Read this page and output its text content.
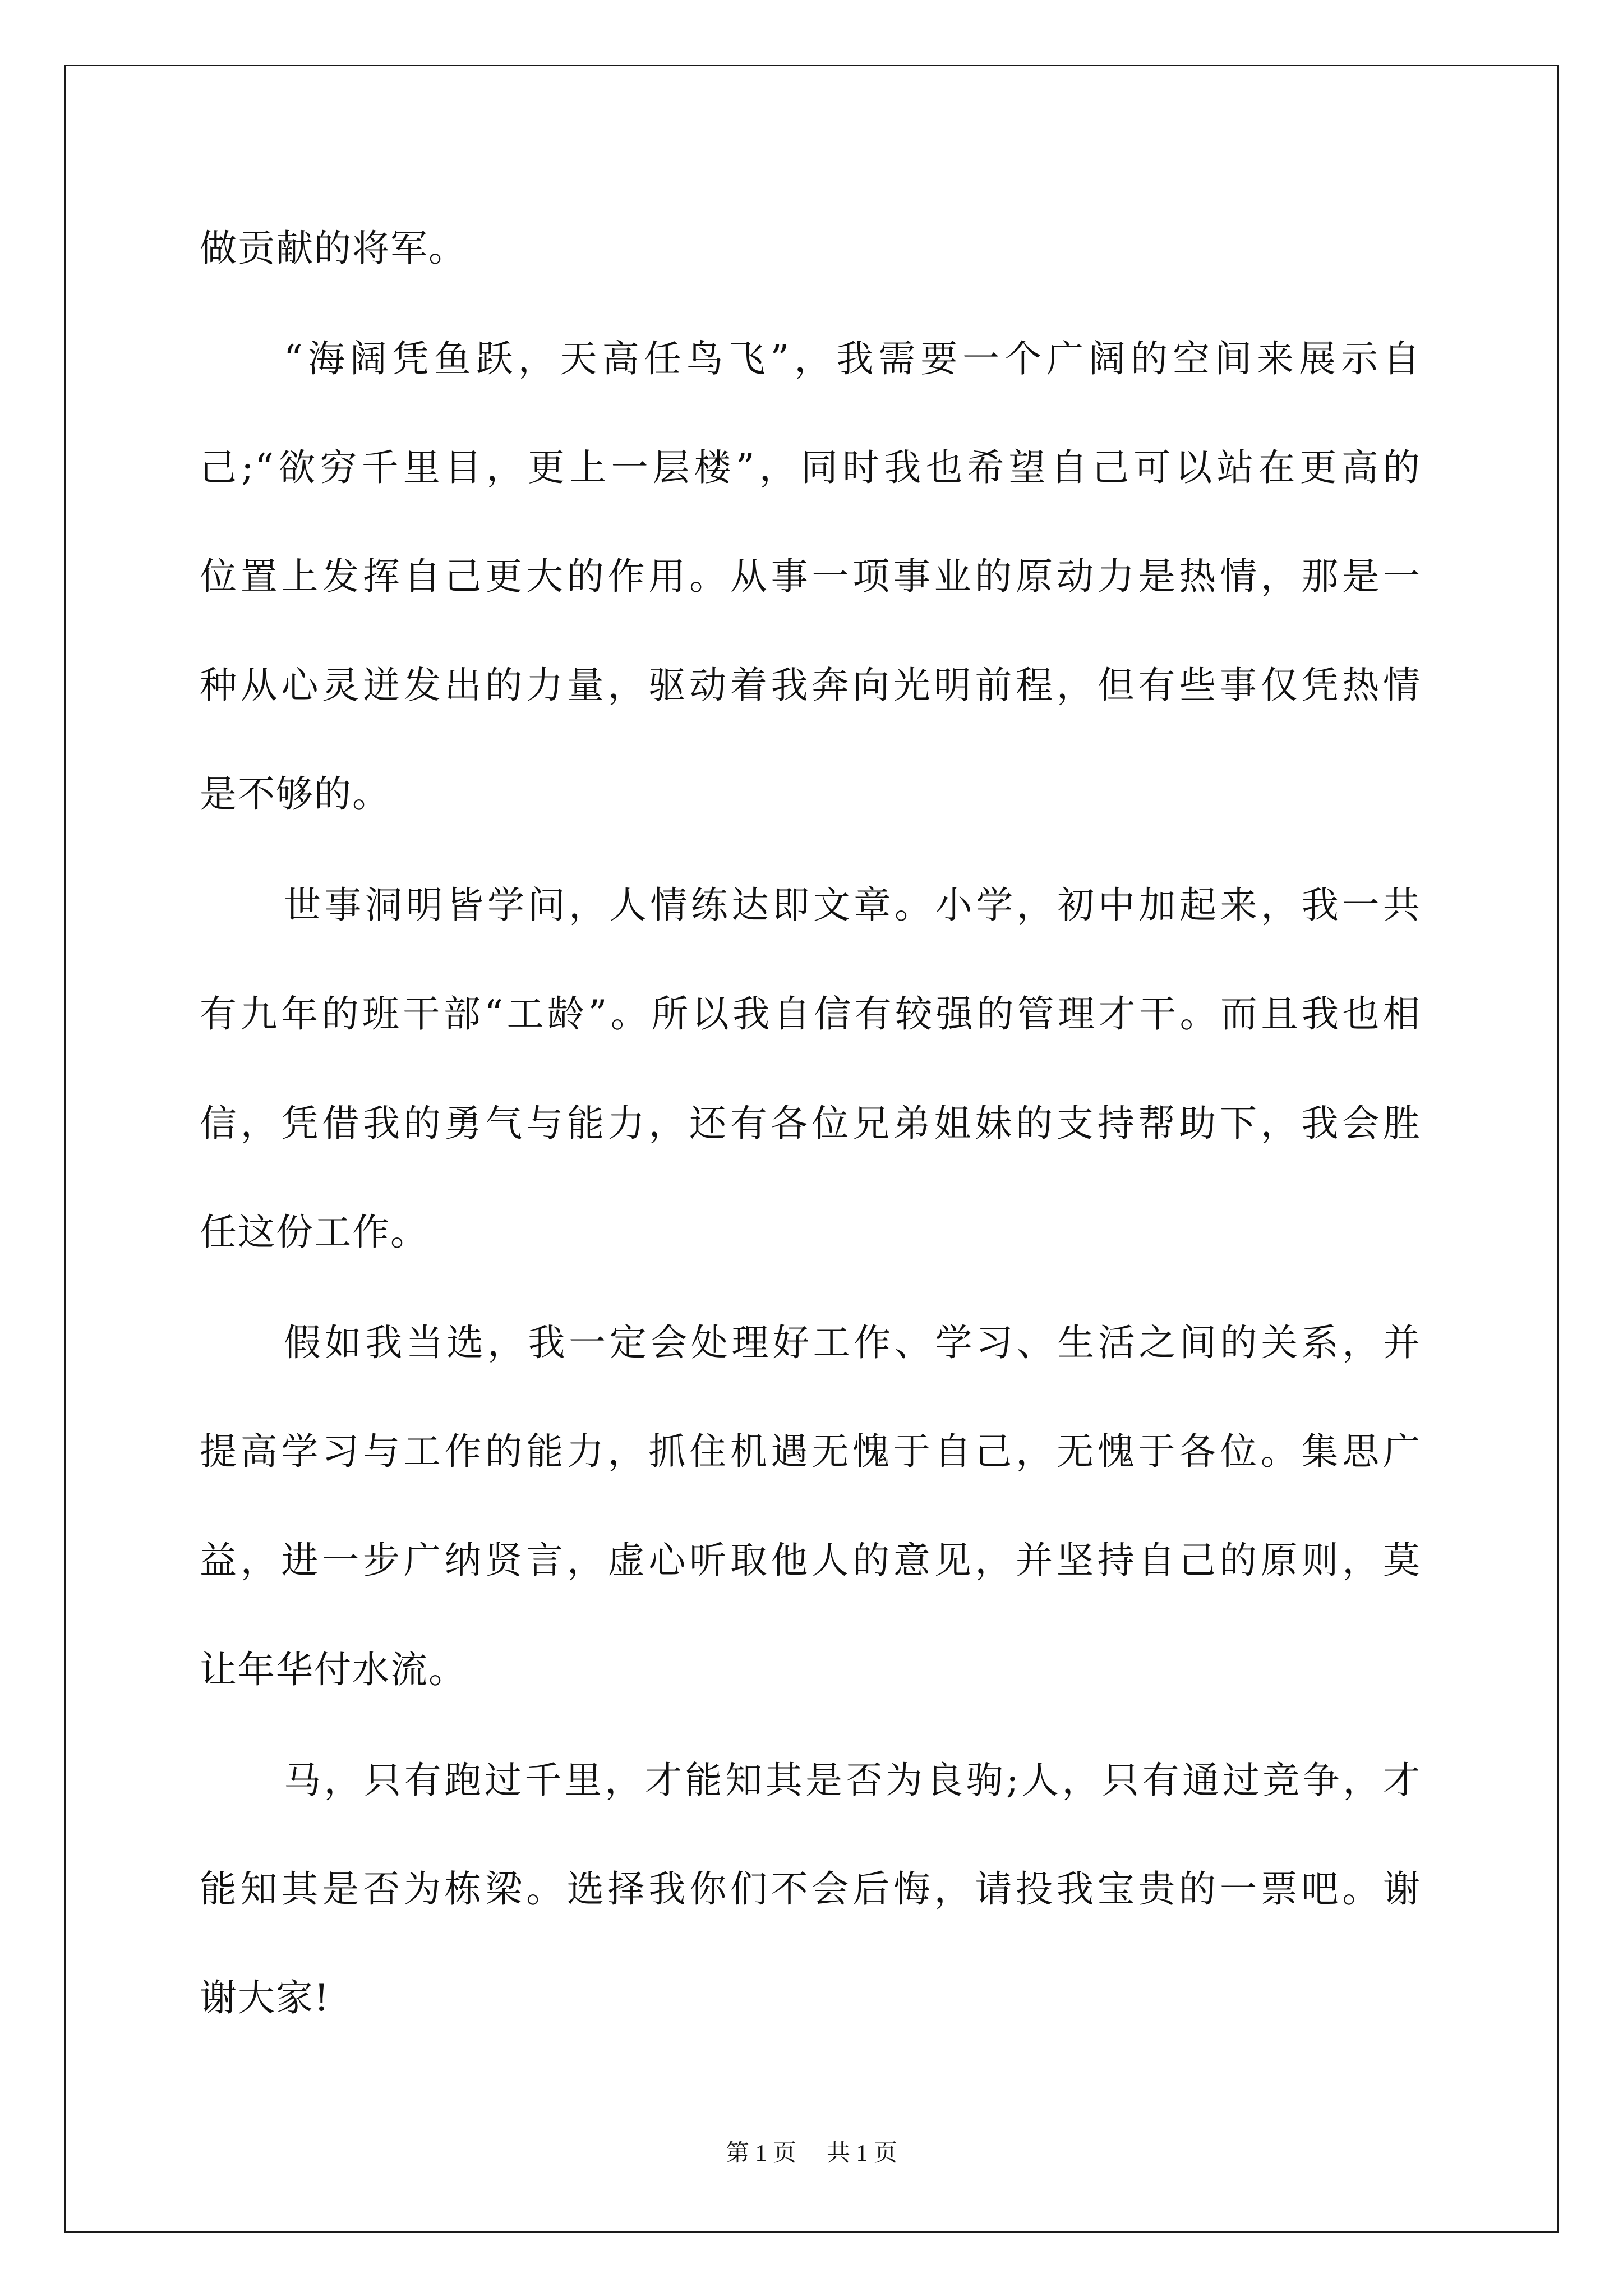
做贡献的将军。
“海阔凭鱼跃，天高任鸟飞”，我需要一个广阔的空间来展示自
己;“欲穷千里目，更上一层楼”，同时我也希望自己可以站在更高的
位置上发挥自己更大的作用。从事一项事业的原动力是热情，那是一
种从心灵迸发出的力量，驱动着我奔向光明前程，但有些事仅凭热情
是不够的。
世事洞明皆学问，人情练达即文章。小学，初中加起来，我一共
有九年的班干部“工龄”。所以我自信有较强的管理才干。而且我也相
信，凭借我的勇气与能力，还有各位兄弟姐妹的支持帮助下，我会胜
任这份工作。
假如我当选，我一定会处理好工作、学习、生活之间的关系，并
提高学习与工作的能力，抓住机遇无愧于自己，无愧于各位。集思广
益，进一步广纳贤言，虚心听取他人的意见，并坚持自己的原则，莫
让年华付水流。
马，只有跑过千里，才能知其是否为良驹;人，只有通过竞争，才
能知其是否为栋梁。选择我你们不会后悔，请投我宝贵的一票吧。谢
谢大家!
第 1 页 共 1 页
